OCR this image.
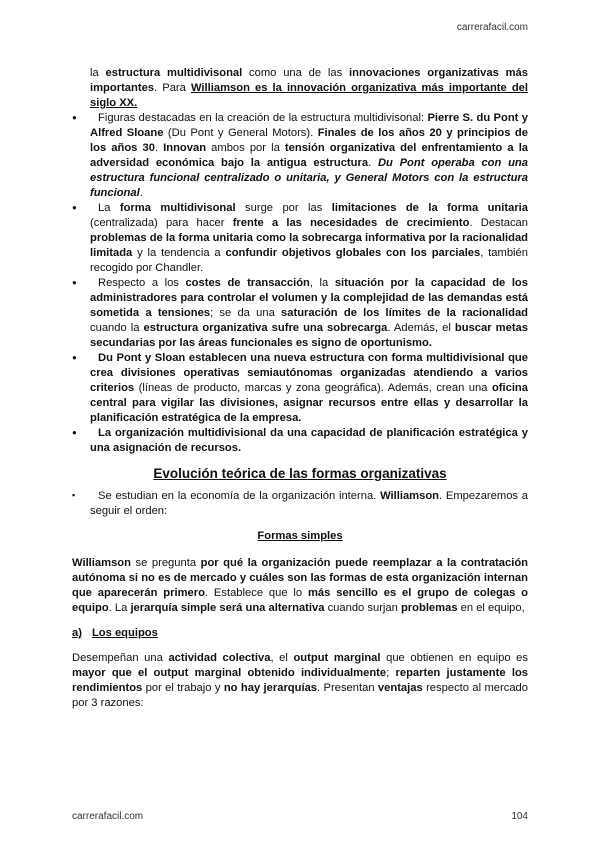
carrerafacil.com

la estructura multidivisonal como una de las innovaciones organizativas más importantes. Para Williamson es la innovación organizativa más importante del siglo XX.

●
Figuras destacadas en la creación de la estructura multidivisonal: Pierre S. du Pont y Alfred Sloane (Du Pont y General Motors). Finales de los años 20 y principios de los años 30. Innovan ambos por la tensión organizativa del enfrentamiento a la adversidad económica bajo la antigua estructura. Du Pont operaba con una estructura funcional centralizado o unitaria, y General Motors con la estructura funcional.

●
La forma multidivisonal surge por las limitaciones de la forma unitaria (centralizada) para hacer frente a las necesidades de crecimiento. Destacan problemas de la forma unitaria como la sobrecarga informativa por la racionalidad limitada y la tendencia a confundir objetivos globales con los parciales, también recogido por Chandler.

●
Respecto a los costes de transacción, la situación por la capacidad de los administradores para controlar el volumen y la complejidad de las demandas está sometida a tensiones; se da una saturación de los límites de la racionalidad cuando la estructura organizativa sufre una sobrecarga. Además, el buscar metas secundarias por las áreas funcionales es signo de oportunismo.

●
Du Pont y Sloan establecen una nueva estructura con forma multidivisional que crea divisiones operativas semiautónomas organizadas atendiendo a varios criterios (líneas de producto, marcas y zona geográfica). Además, crean una oficina central para vigilar las divisiones, asignar recursos entre ellas y desarrollar la planificación estratégica de la empresa.

●
La organización multidivisional da una capacidad de planificación estratégica y una asignación de recursos.

Evolución teórica de las formas organizativas

▪
Se estudian en la economía de la organización interna. Williamson. Empezaremos a seguir el orden:

Formas simples

Williamson se pregunta por qué la organización puede reemplazar a la contratación autónoma si no es de mercado y cuáles son las formas de esta organización internan que aparecerán primero. Establece que lo más sencillo es el grupo de colegas o equipo. La jerarquía simple será una alternativa cuando surjan problemas en el equipo,

a) Los equipos

Desempeñan una actividad colectiva, el output marginal que obtienen en equipo es mayor que el output marginal obtenido individualmente; reparten justamente los rendimientos por el trabajo y no hay jerarquías. Presentan ventajas respecto al mercado por 3 razones:

carrerafacil.com	104
